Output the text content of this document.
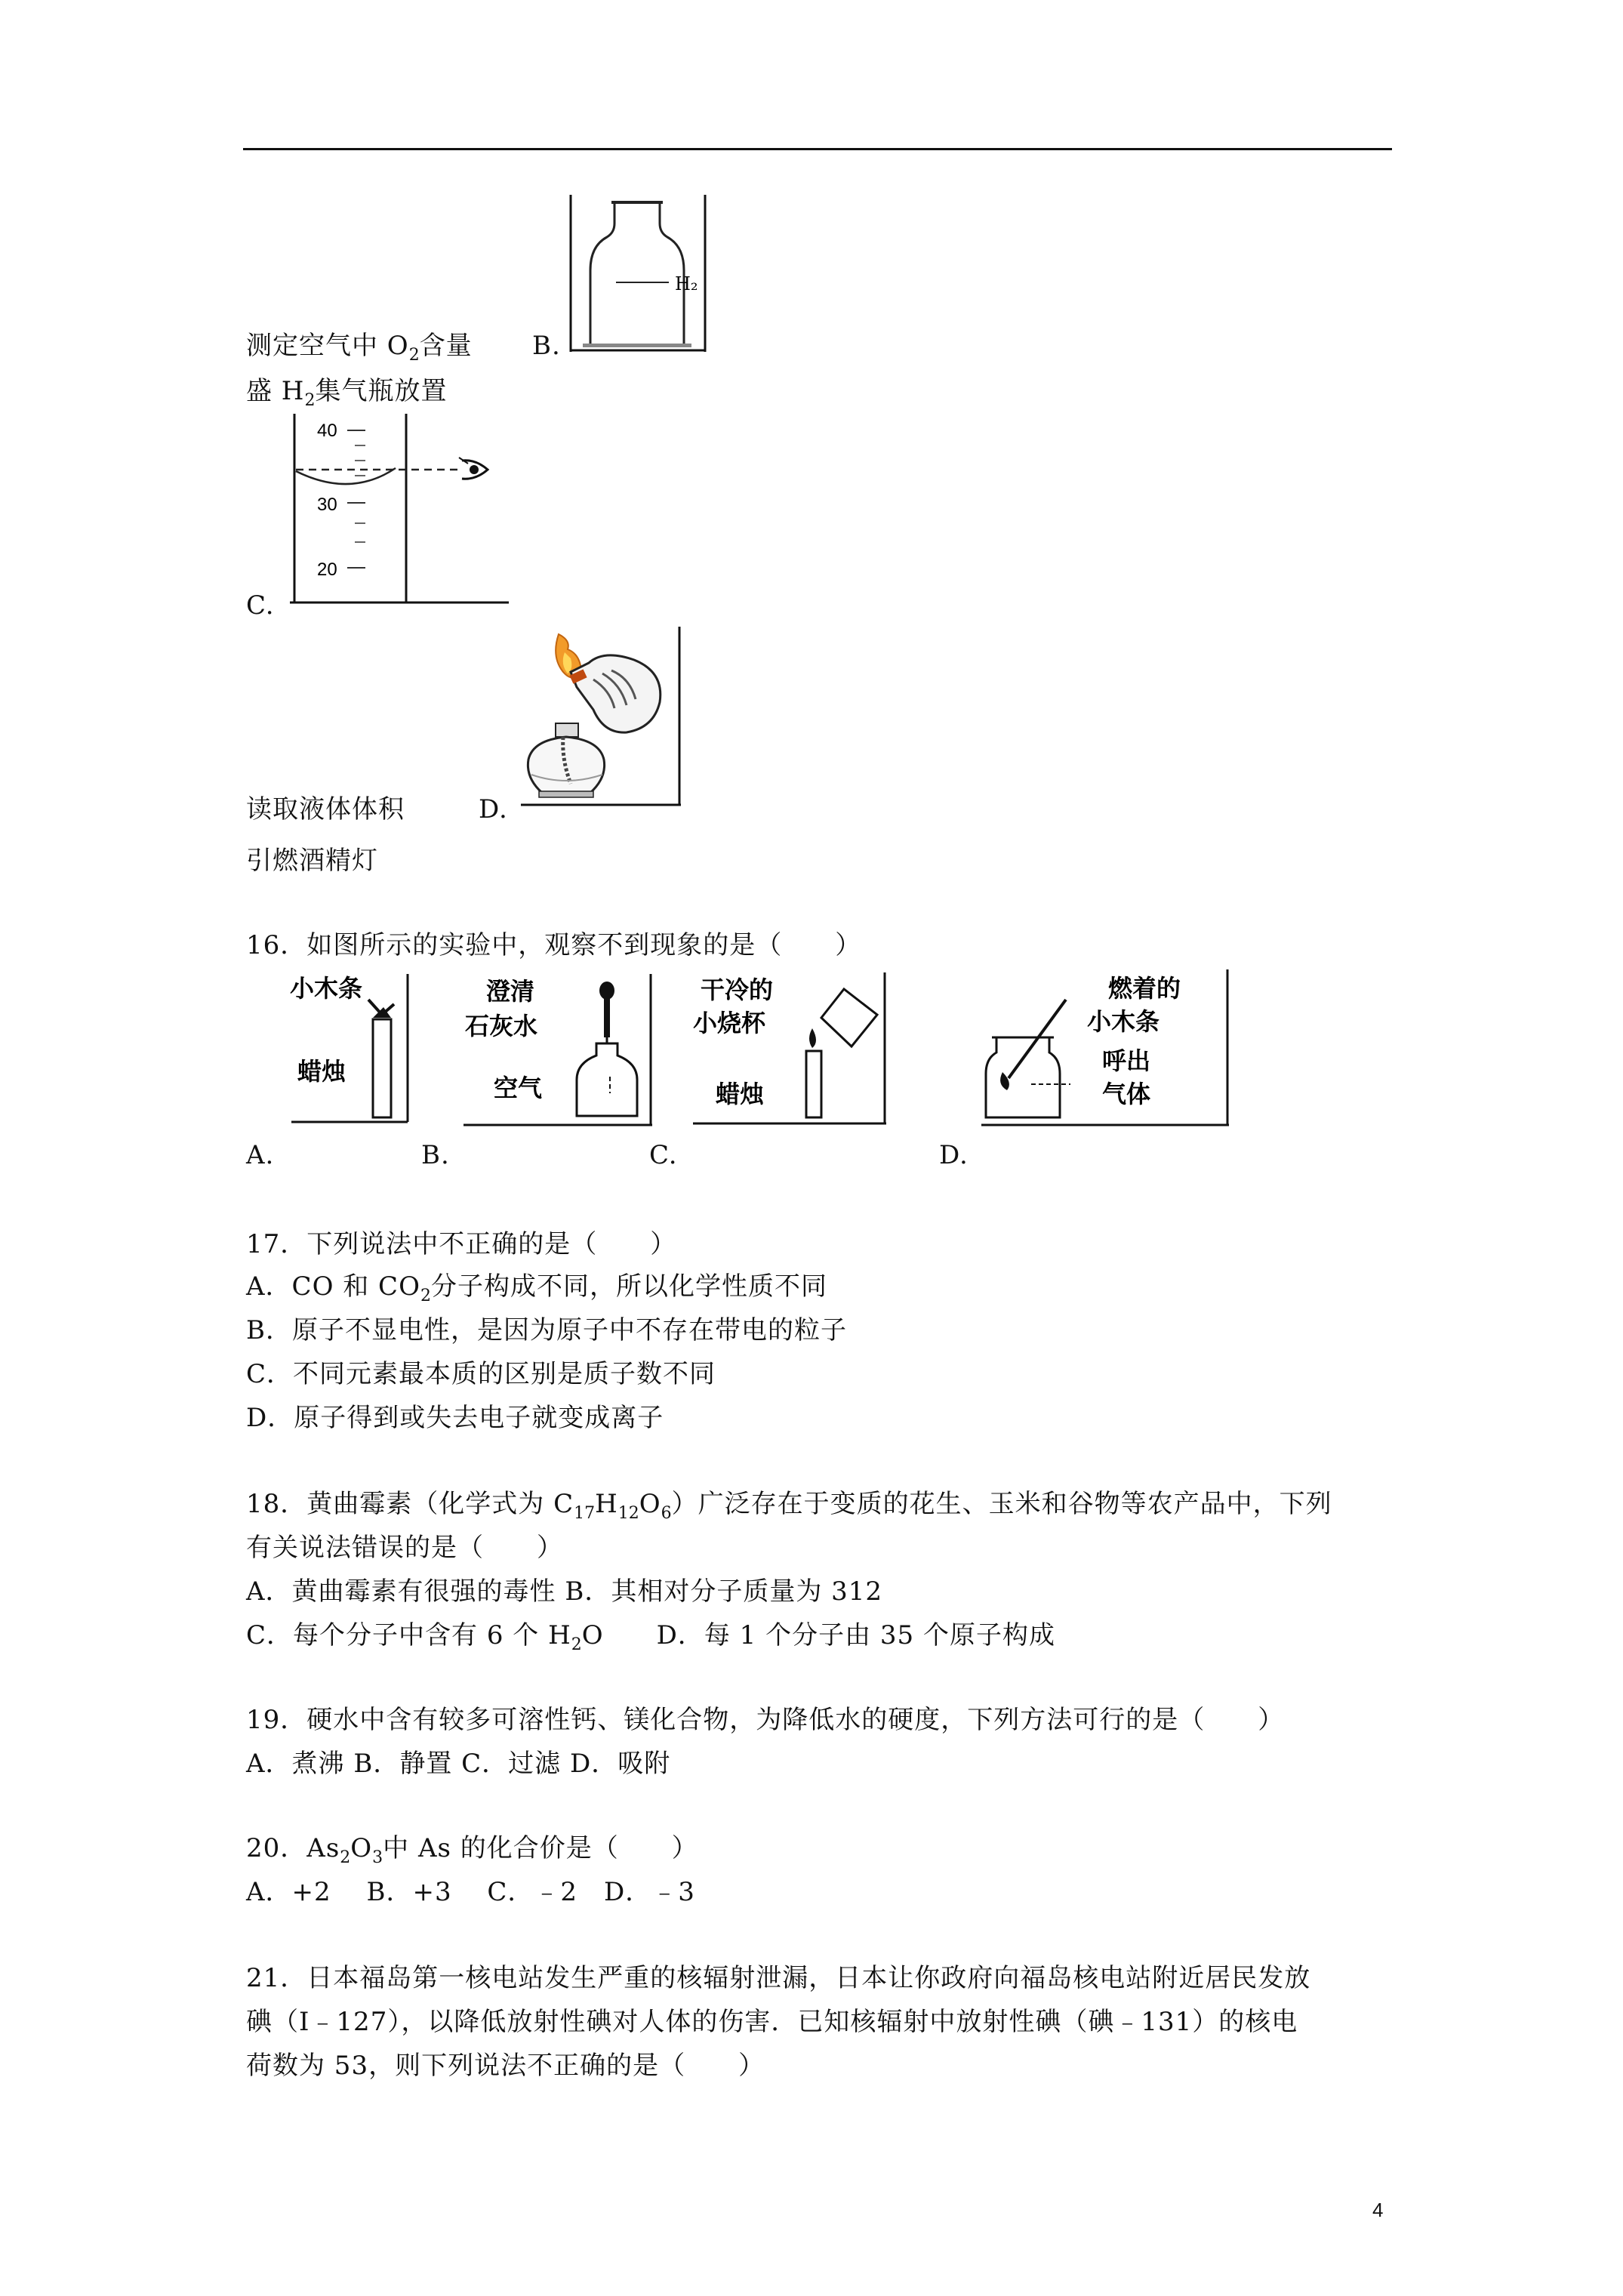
H₂
测定空气中 $O_2$含量 B.
盛 $H_2$集气瓶放置
40
30
20
C.
读取液体体积	D.
引燃酒精灯
16．如图所示的实验中，观察不到现象的是（　　）
小木条
蜡烛
澄清
石灰水
空气
干冷的
小烧杯
蜡烛
燃着的
小木条
呼出
气体
A.	B.	C.	D.
17．下列说法中不正确的是（　　）
A．CO 和 $CO_2$分子构成不同，所以化学性质不同
B．原子不显电性，是因为原子中不存在带电的粒子
C．不同元素最本质的区别是质子数不同
D．原子得到或失去电子就变成离子
18．黄曲霉素（化学式为 $C_{17}H_{12}O_6$）广泛存在于变质的花生、玉米和谷物等农产品中，下列
有关说法错误的是（　　）
A．黄曲霉素有很强的毒性 B．其相对分子质量为 312
C．每个分子中含有 6 个 $H_2O$　　D．每 1 个分子由 35 个原子构成
19．硬水中含有较多可溶性钙、镁化合物，为降低水的硬度，下列方法可行的是（　　）
A．煮沸 B．静置 C．过滤 D．吸附
20．$As_2O_3$中 As 的化合价是（　　）
A．+2　 B．+3　 C．﹣2　D．﹣3
21．日本福岛第一核电站发生严重的核辐射泄漏，日本让你政府向福岛核电站附近居民发放
碘（I﹣127），以降低放射性碘对人体的伤害．已知核辐射中放射性碘（碘﹣131）的核电
荷数为 53，则下列说法不正确的是（　　）
4
